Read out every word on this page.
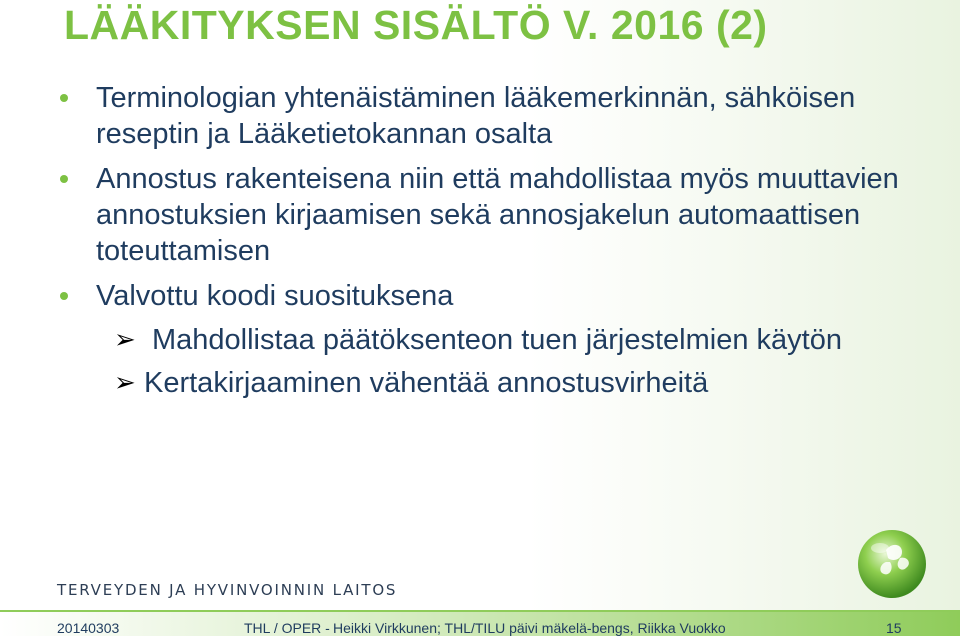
LÄÄKITYKSEN SISÄLTÖ V. 2016 (2)
Terminologian yhtenäistäminen lääkemerkinnän, sähköisen reseptin ja Lääketietokannan osalta
Annostus rakenteisena niin että mahdollistaa myös muuttavien annostuksien kirjaamisen sekä annosjakelun automaattisen toteuttamisen
Valvottu koodi suosituksena
➢ Mahdollistaa päätöksenteon tuen järjestelmien käytön
➢ Kertakirjaaminen vähentää annostusvirheitä
TERVEYDEN JA HYVINVOINNIN LAITOS
20140303	THL / OPER - Heikki Virkkunen; THL/TILU päivi mäkelä-bengs, Riikka Vuokko	15
